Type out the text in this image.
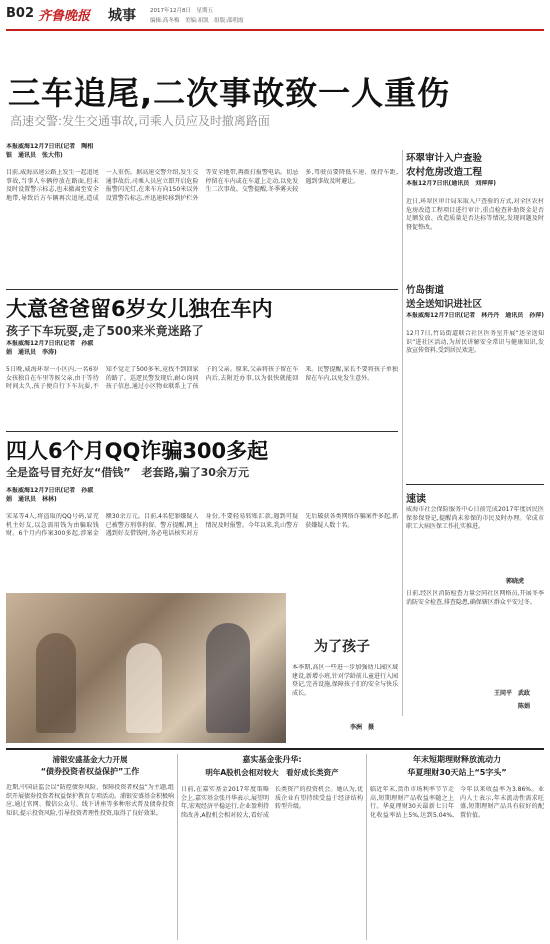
B02 齐鲁晚报 城事	2017年12月8日　星期五
编辑:高冬梅　美编:祖凯　组版:邵明霞
三车追尾,二次事故致一人重伤
高速交警:发生交通事故,司乘人员应及时撤离路面
本报威海12月7日讯(记者　陶相银　通讯员　张大伟)
目前,威海高速公路上发生一起追尾事故,当事人车辆停放在路面,但未及时设置警示标志,也未撤离至安全地带,导致后方车辆再次追尾,造成一人重伤。据高速交警介绍,发生交通事故后,司乘人员应立即开启危险报警闪光灯,在来车方向150米以外设置警告标志,并迅速转移到护栏外等安全地带,再拨打报警电话。切忌停留在车内或在车道上走动,以免发生二次事故。交警提醒,冬季雾天较多,驾驶员要降低车速、保持车距,遇到事故及时避让。
环翠审计入户查验
农村危房改造工程
本报12月7日讯(通讯员　刘萍萍)
近日,环翠区审计局采取入户查验的方式,对全区农村危房改造工程项目进行审计,重点检查补助资金是否足额发放、改造质量是否达标等情况,发现问题及时督促整改。
竹岛街道
送全送知识进社区
本报威海12月7日讯(记者　林丹丹　通讯员　孙萍)
12月7日,竹岛街道联合社区医务室开展“送全送知识”进社区活动,为居民讲解安全常识与健康知识,发放宣传资料,受到居民欢迎。
速读
威海市社会保险服务中心日前完成2017年度居民医保参保登记,提醒尚未参保的市民及时办理。荣成市职工大病医保工作扎实推进。
郭晓虎
日前,经区区消防检查力量会同社区网格员,开展冬季消防安全检查,排查隐患,确保辖区群众平安过冬。
王同平　武政
陈娟
大意爸爸留6岁女儿独在车内
孩子下车玩耍,走了500来米竟迷路了
本报威海12月7日讯(记者　孙淑娟　通讯员　李涛)
5日晚,威海环翠一小区内,一名6岁女孩独自在车里等候父亲,由于等待时间太久,孩子便自行下车玩耍,不知不觉走了500多米,竟找不到回家的路了。巡逻民警发现后,耐心询问孩子信息,通过小区物业联系上了孩子的父亲。原来,父亲将孩子留在车内后,去附近办事,以为很快就能回来。民警提醒,家长不要将孩子单独留在车内,以免发生意外。
四人6个月QQ诈骗300多起
全是盗号冒充好友“借钱”　老套路,骗了30余万元
本报威海12月7日讯(记者　孙淑娟　通讯员　林林)
宋某等4人,将盗取的QQ号码,冒充机主好友,以急需用钱为由骗取钱财。6个月内作案300多起,涉案金额30余万元。目前,4名犯罪嫌疑人已被警方刑事拘留。警方提醒,网上遇到好友借钱时,务必电话核实对方身份,不要轻易转账汇款,遇到可疑情况及时报警。今年以来,乳山警方先后破获各类网络诈骗案件多起,抓获嫌疑人数十名。
为了孩子
本季期,高区一些进一步加强幼儿园区域建设,新增小班,针对学龄前儿童进行入园登记,完善设施,保障孩子们的安全与快乐成长。
李洲　摄
浦银安盛基金大力开展
“债券投资者权益保护”工作
近期,中国证监会以“防控债券风险、保障投资者权益”为主题,组织开展债券投资者权益保护教育专项活动。浦银安盛基金积极响应,通过官网、微信公众号、线下讲座等多种形式普及债券投资知识,提示投资风险,引导投资者理性投资,取得了良好效果。
嘉实基金张丹华:
明年A股机会相对较大　看好成长类资产
日前,在嘉实基金2017年度策略会上,嘉实基金张丹华表示,展望明年,宏观经济平稳运行,企业盈利持续改善,A股机会相对较大,看好成长类资产的投资机会。她认为,优质企业有望持续受益于经济结构转型升级。
年末短期理财释放流动力
华夏理财30天站上“5字头”
临近年末,货币市场利率节节走高,短期理财产品收益率随之上行。华夏理财30天最新七日年化收益率站上5%,达到5.04%,今年以来收益率为3.86%。业内人士表示,年末流动性需求旺盛,短期理财产品具有较好的配置价值。
